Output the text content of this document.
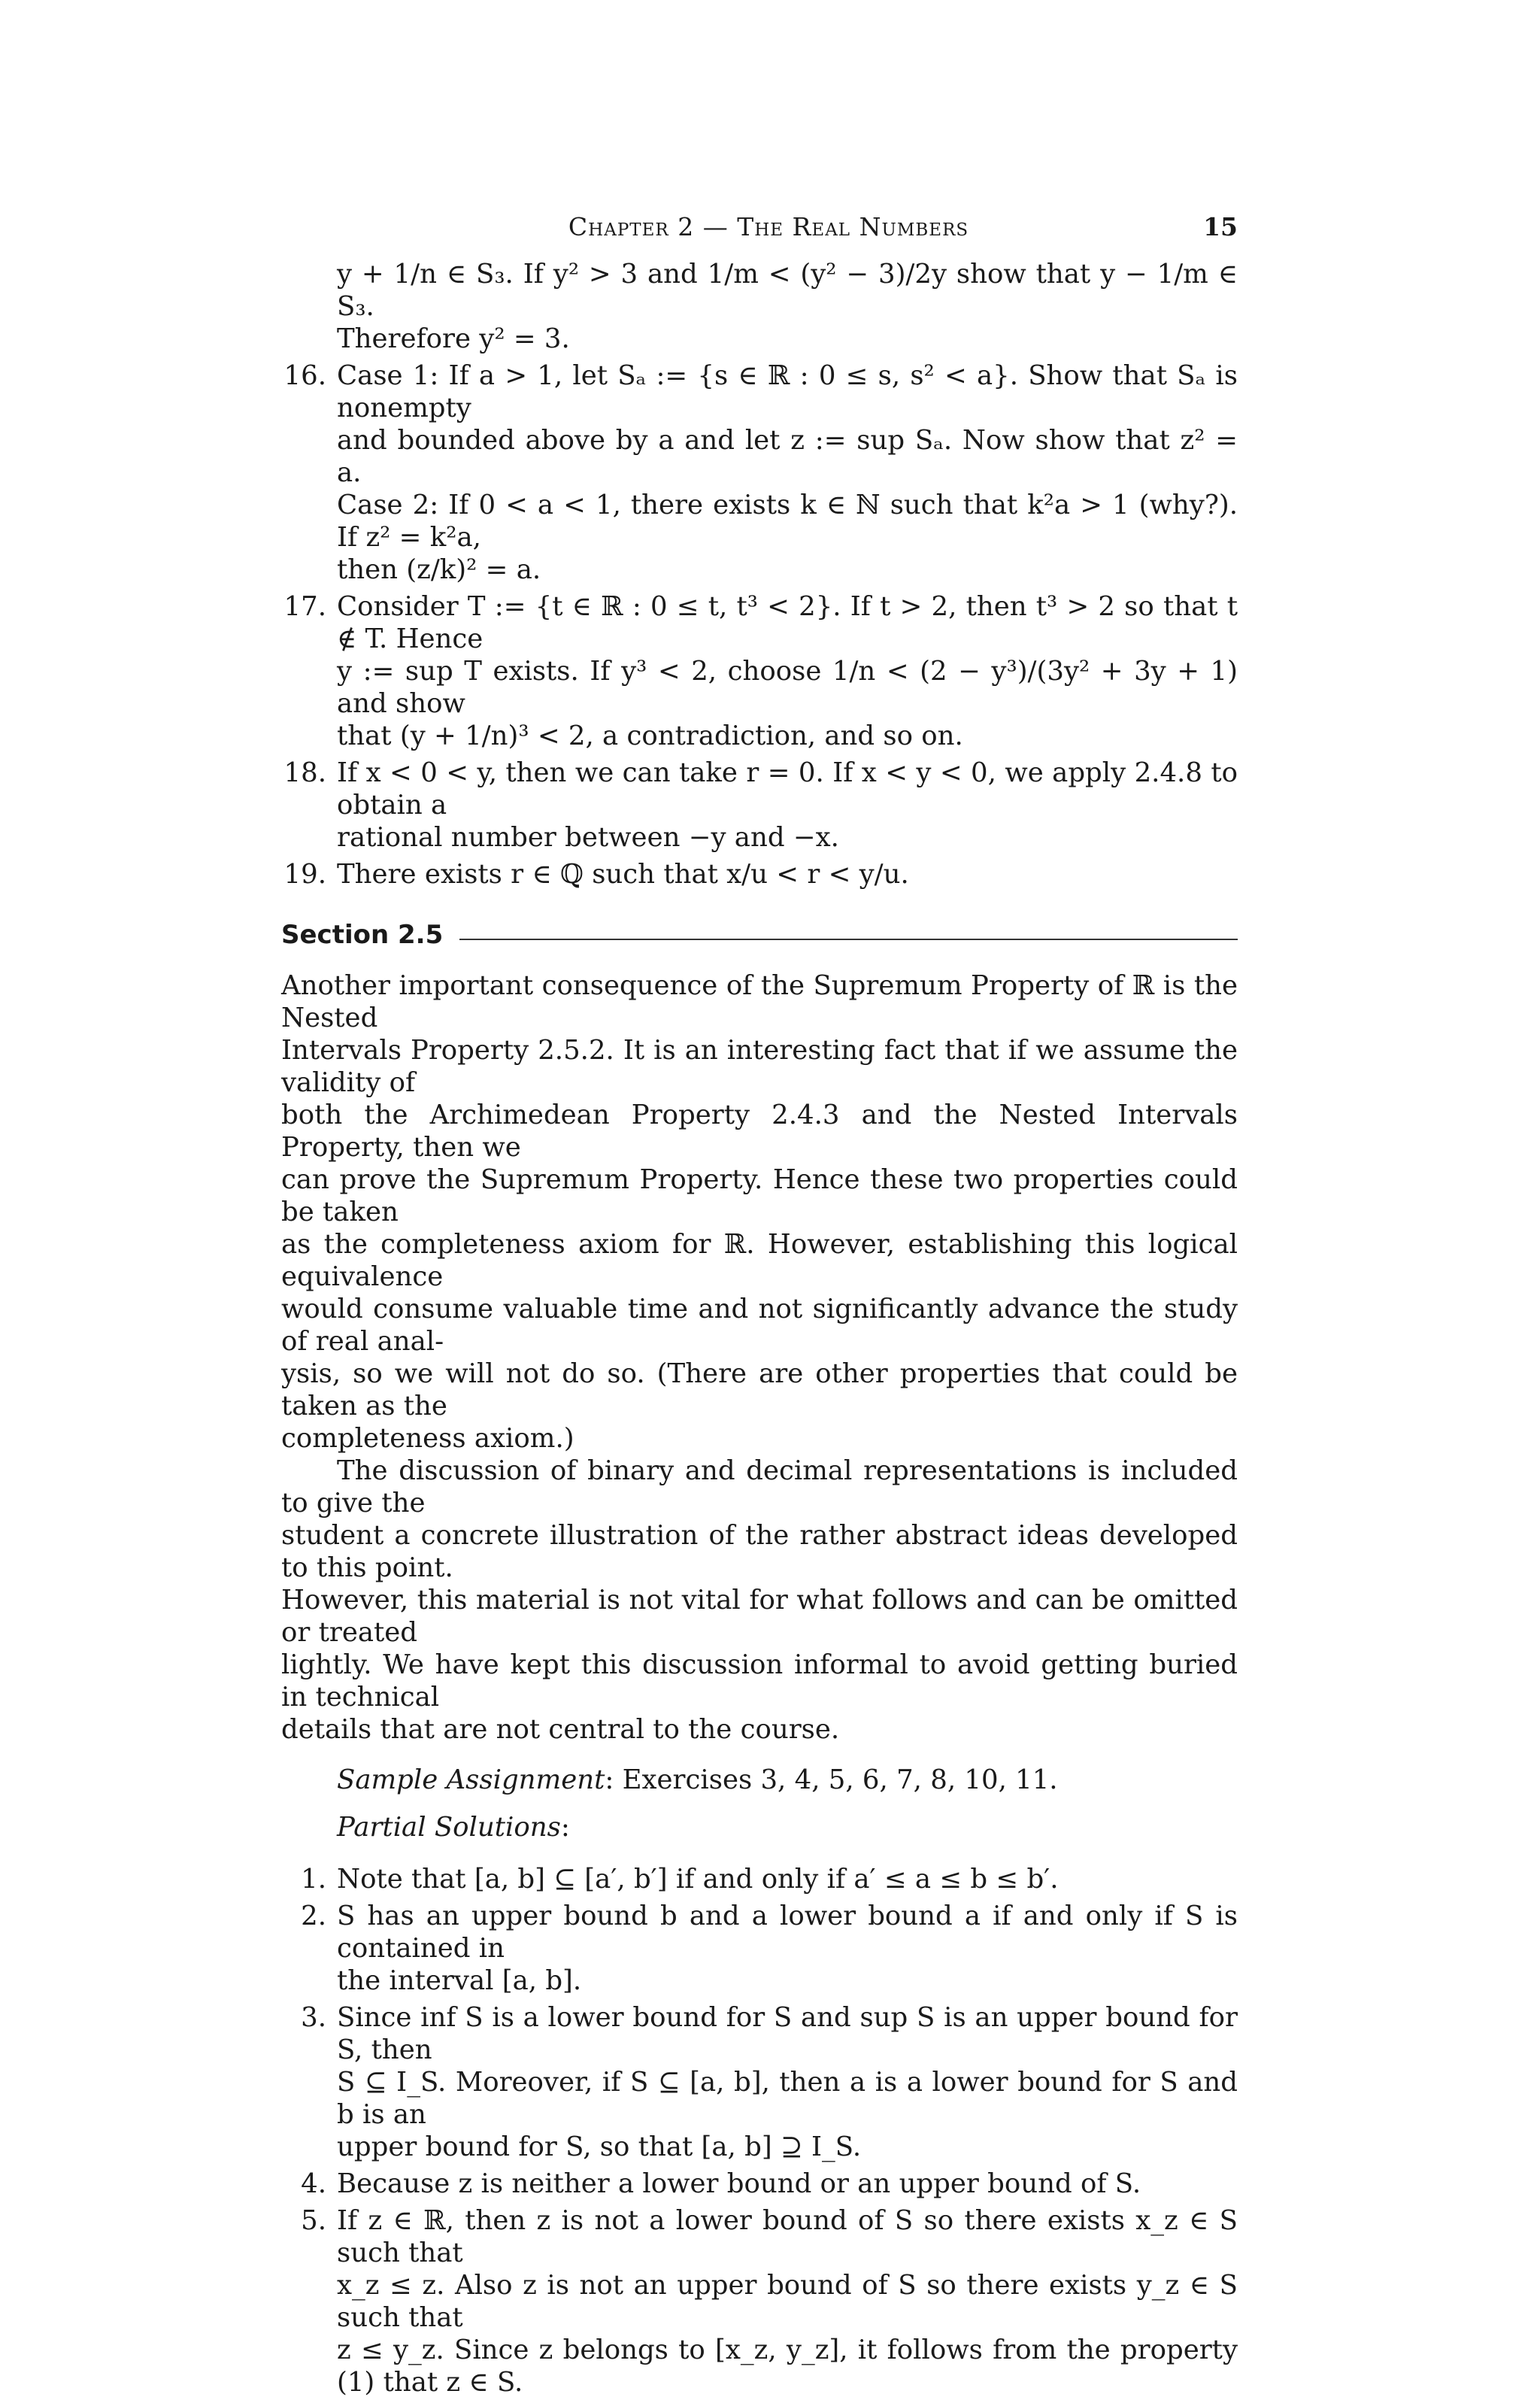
Chapter 2 — The Real Numbers	15
y + 1/n ∈ S₃. If y² > 3 and 1/m < (y² − 3)/2y show that y − 1/m ∈ S₃.
Therefore y² = 3.
16. Case 1: If a > 1, let Sₐ := {s ∈ ℝ : 0 ≤ s, s² < a}. Show that Sₐ is nonempty
and bounded above by a and let z := sup Sₐ. Now show that z² = a.
Case 2: If 0 < a < 1, there exists k ∈ ℕ such that k²a > 1 (why?). If z² = k²a,
then (z/k)² = a.
17. Consider T := {t ∈ ℝ : 0 ≤ t, t³ < 2}. If t > 2, then t³ > 2 so that t ∉ T. Hence
y := sup T exists. If y³ < 2, choose 1/n < (2 − y³)/(3y² + 3y + 1) and show
that (y + 1/n)³ < 2, a contradiction, and so on.
18. If x < 0 < y, then we can take r = 0. If x < y < 0, we apply 2.4.8 to obtain a
rational number between −y and −x.
19. There exists r ∈ ℚ such that x/u < r < y/u.
Section 2.5
Another important consequence of the Supremum Property of ℝ is the Nested
Intervals Property 2.5.2. It is an interesting fact that if we assume the validity of
both the Archimedean Property 2.4.3 and the Nested Intervals Property, then we
can prove the Supremum Property. Hence these two properties could be taken
as the completeness axiom for ℝ. However, establishing this logical equivalence
would consume valuable time and not significantly advance the study of real anal-
ysis, so we will not do so. (There are other properties that could be taken as the
completeness axiom.)
The discussion of binary and decimal representations is included to give the
student a concrete illustration of the rather abstract ideas developed to this point.
However, this material is not vital for what follows and can be omitted or treated
lightly. We have kept this discussion informal to avoid getting buried in technical
details that are not central to the course.
Sample Assignment: Exercises 3, 4, 5, 6, 7, 8, 10, 11.
Partial Solutions:
1. Note that [a, b] ⊆ [a′, b′] if and only if a′ ≤ a ≤ b ≤ b′.
2. S has an upper bound b and a lower bound a if and only if S is contained in
the interval [a, b].
3. Since inf S is a lower bound for S and sup S is an upper bound for S, then
S ⊆ I_S. Moreover, if S ⊆ [a, b], then a is a lower bound for S and b is an
upper bound for S, so that [a, b] ⊇ I_S.
4. Because z is neither a lower bound or an upper bound of S.
5. If z ∈ ℝ, then z is not a lower bound of S so there exists x_z ∈ S such that
x_z ≤ z. Also z is not an upper bound of S so there exists y_z ∈ S such that
z ≤ y_z. Since z belongs to [x_z, y_z], it follows from the property (1) that z ∈ S.
